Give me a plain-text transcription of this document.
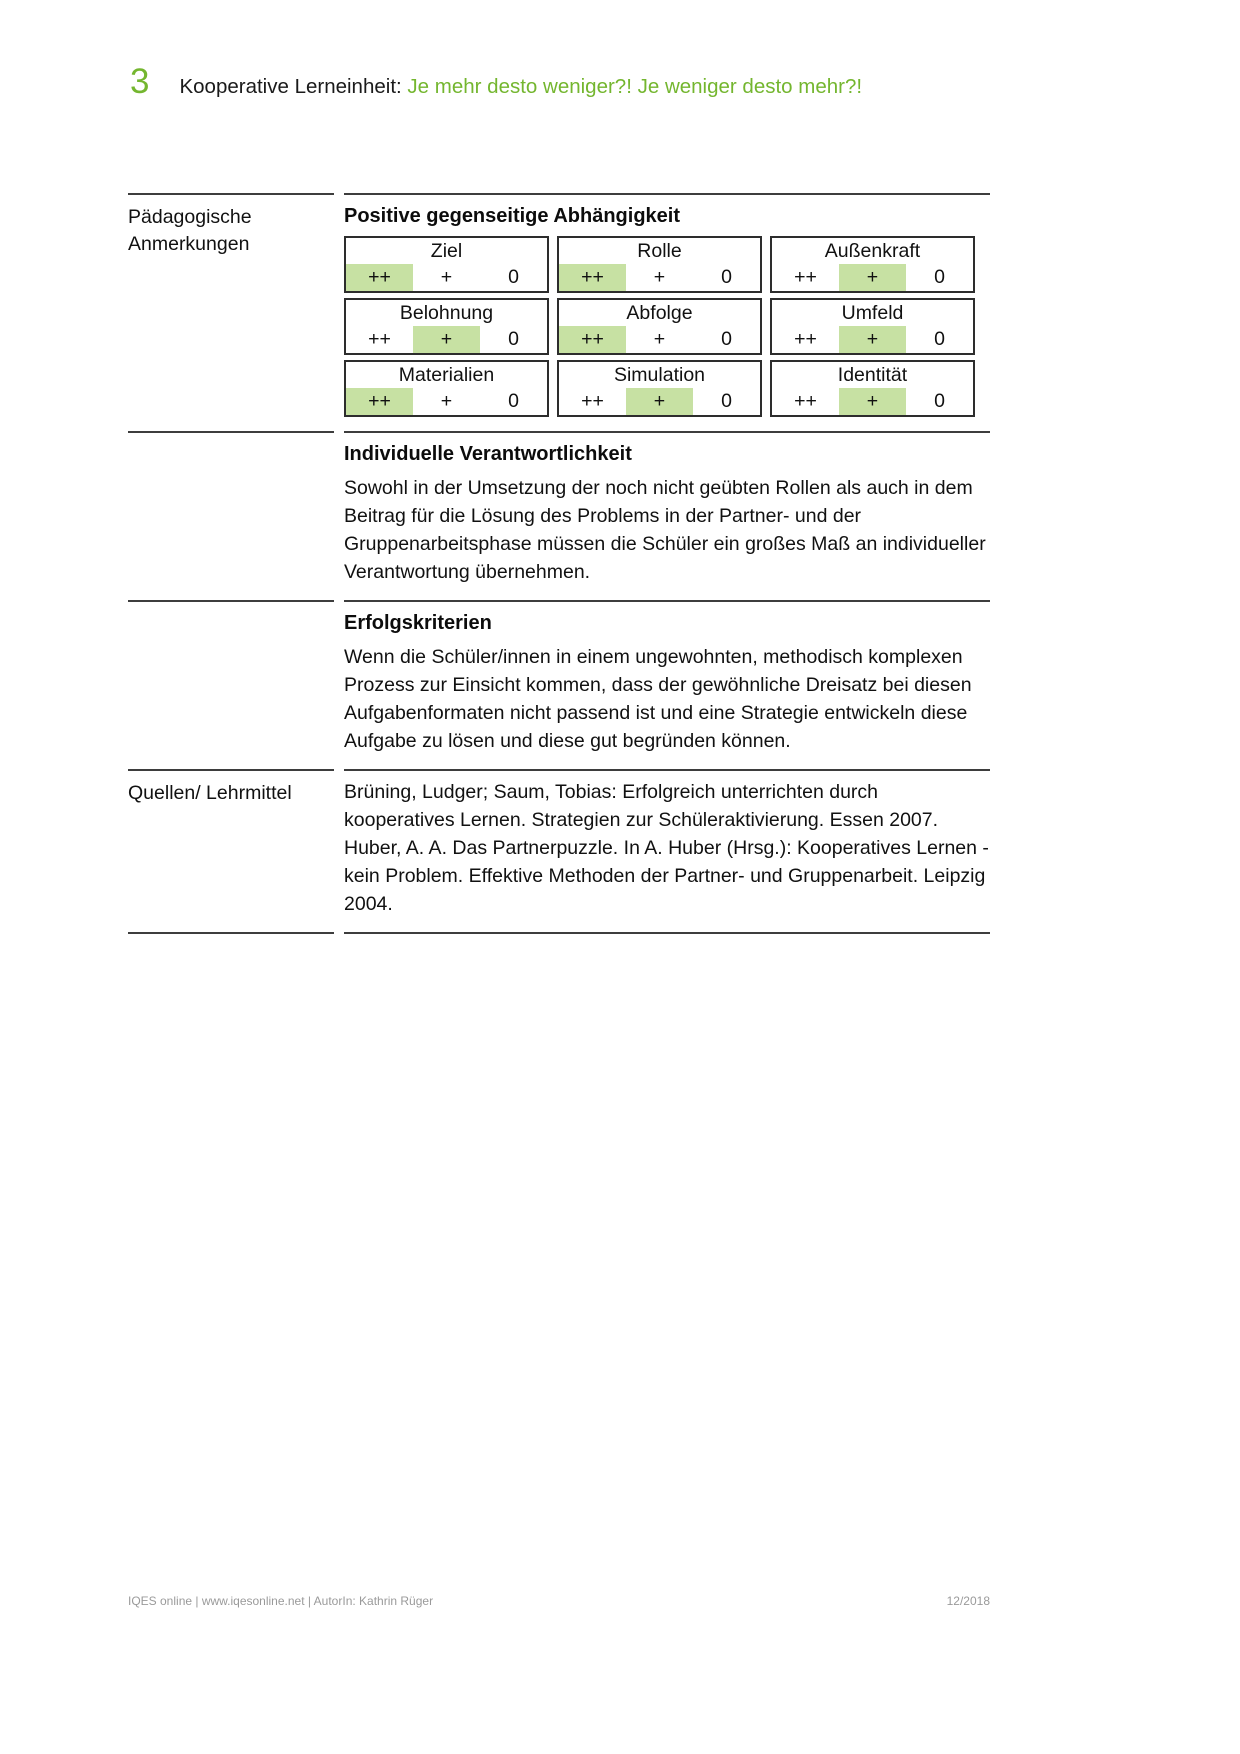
3 Kooperative Lerneinheit: Je mehr desto weniger?! Je weniger desto mehr?!
Pädagogische Anmerkungen
Positive gegenseitige Abhängigkeit
Ziel
++	+	0
Rolle
++	+	0
Außenkraft
++	+	0
Belohnung
++	+	0
Abfolge
++	+	0
Umfeld
++	+	0
Materialien
++	+	0
Simulation
++	+	0
Identität
++	+	0
Individuelle Verantwortlichkeit

Sowohl in der Umsetzung der noch nicht geübten Rollen als auch in dem Beitrag für die Lösung des Problems in der Partner- und der Gruppenarbeitsphase müssen die Schüler ein großes Maß an individueller Verantwortung übernehmen.

Erfolgskriterien

Wenn die Schüler/innen in einem ungewohnten, methodisch komplexen Prozess zur Einsicht kommen, dass der gewöhnliche Dreisatz bei diesen Aufgabenformaten nicht passend ist und eine Strategie entwickeln diese Aufgabe zu lösen und diese gut begründen können.

Quellen/ Lehrmittel	Brüning, Ludger; Saum, Tobias: Erfolgreich unterrichten durch kooperatives Lernen. Strategien zur Schüleraktivierung. Essen 2007. Huber, A. A. Das Partnerpuzzle. In A. Huber (Hrsg.): Kooperatives Lernen - kein Problem. Effektive Methoden der Partner- und Gruppenarbeit. Leipzig 2004.

IQES online | www.iqesonline.net | AutorIn: Kathrin Rüger	12/2018
